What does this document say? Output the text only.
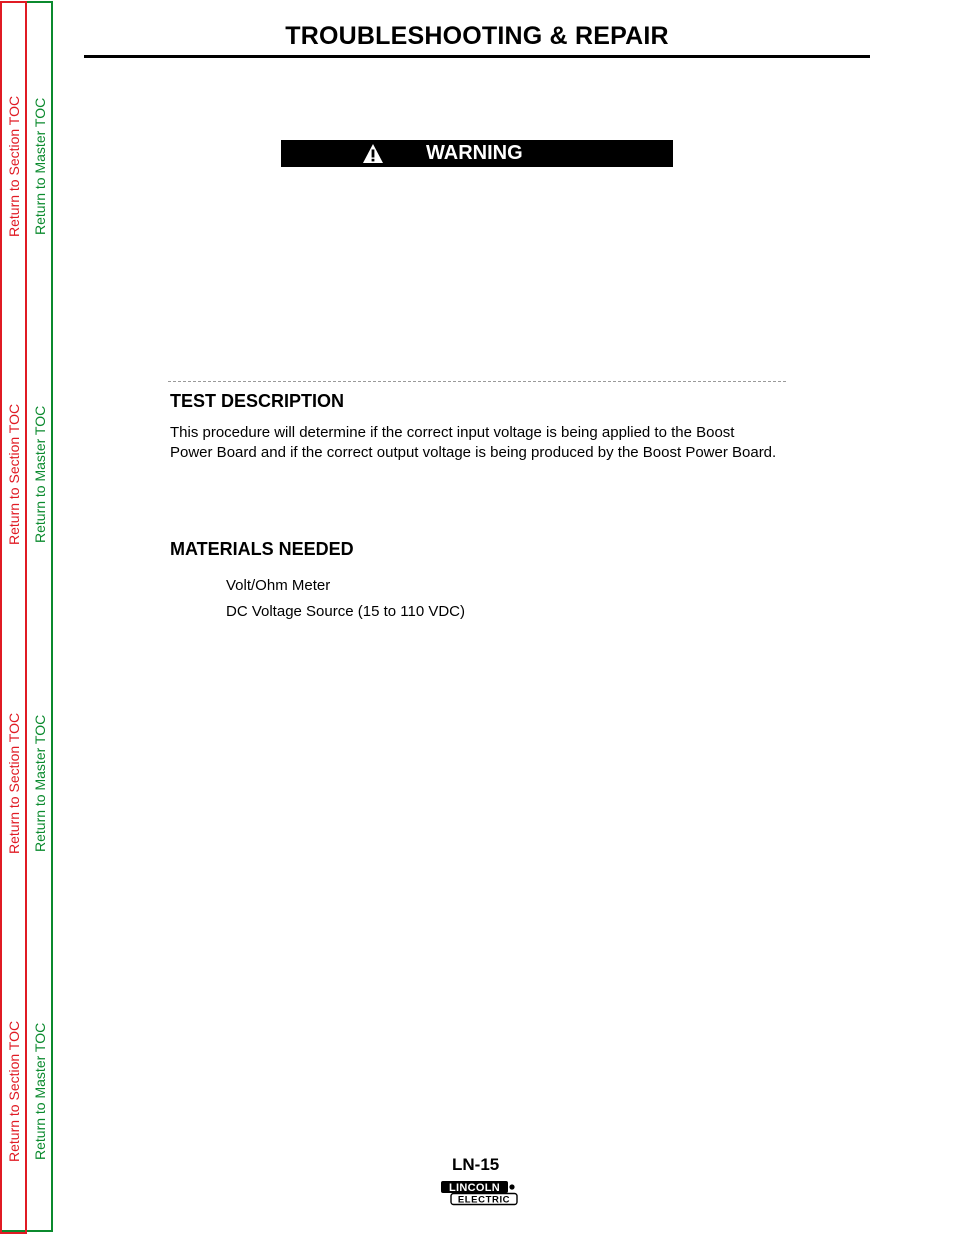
Return to Section TOC Return to Master TOC
Return to Section TOC Return to Master TOC
Return to Section TOC Return to Master TOC
Return to Section TOC Return to Master TOC
TROUBLESHOOTING & REPAIR
WARNING
TEST DESCRIPTION
This procedure will determine if the correct input voltage is being applied to the Boost Power Board and if the correct output voltage is being produced by the Boost Power Board.
MATERIALS NEEDED
Volt/Ohm Meter
DC Voltage Source (15 to 110 VDC)
LN-15
LINCOLN
ELECTRIC
